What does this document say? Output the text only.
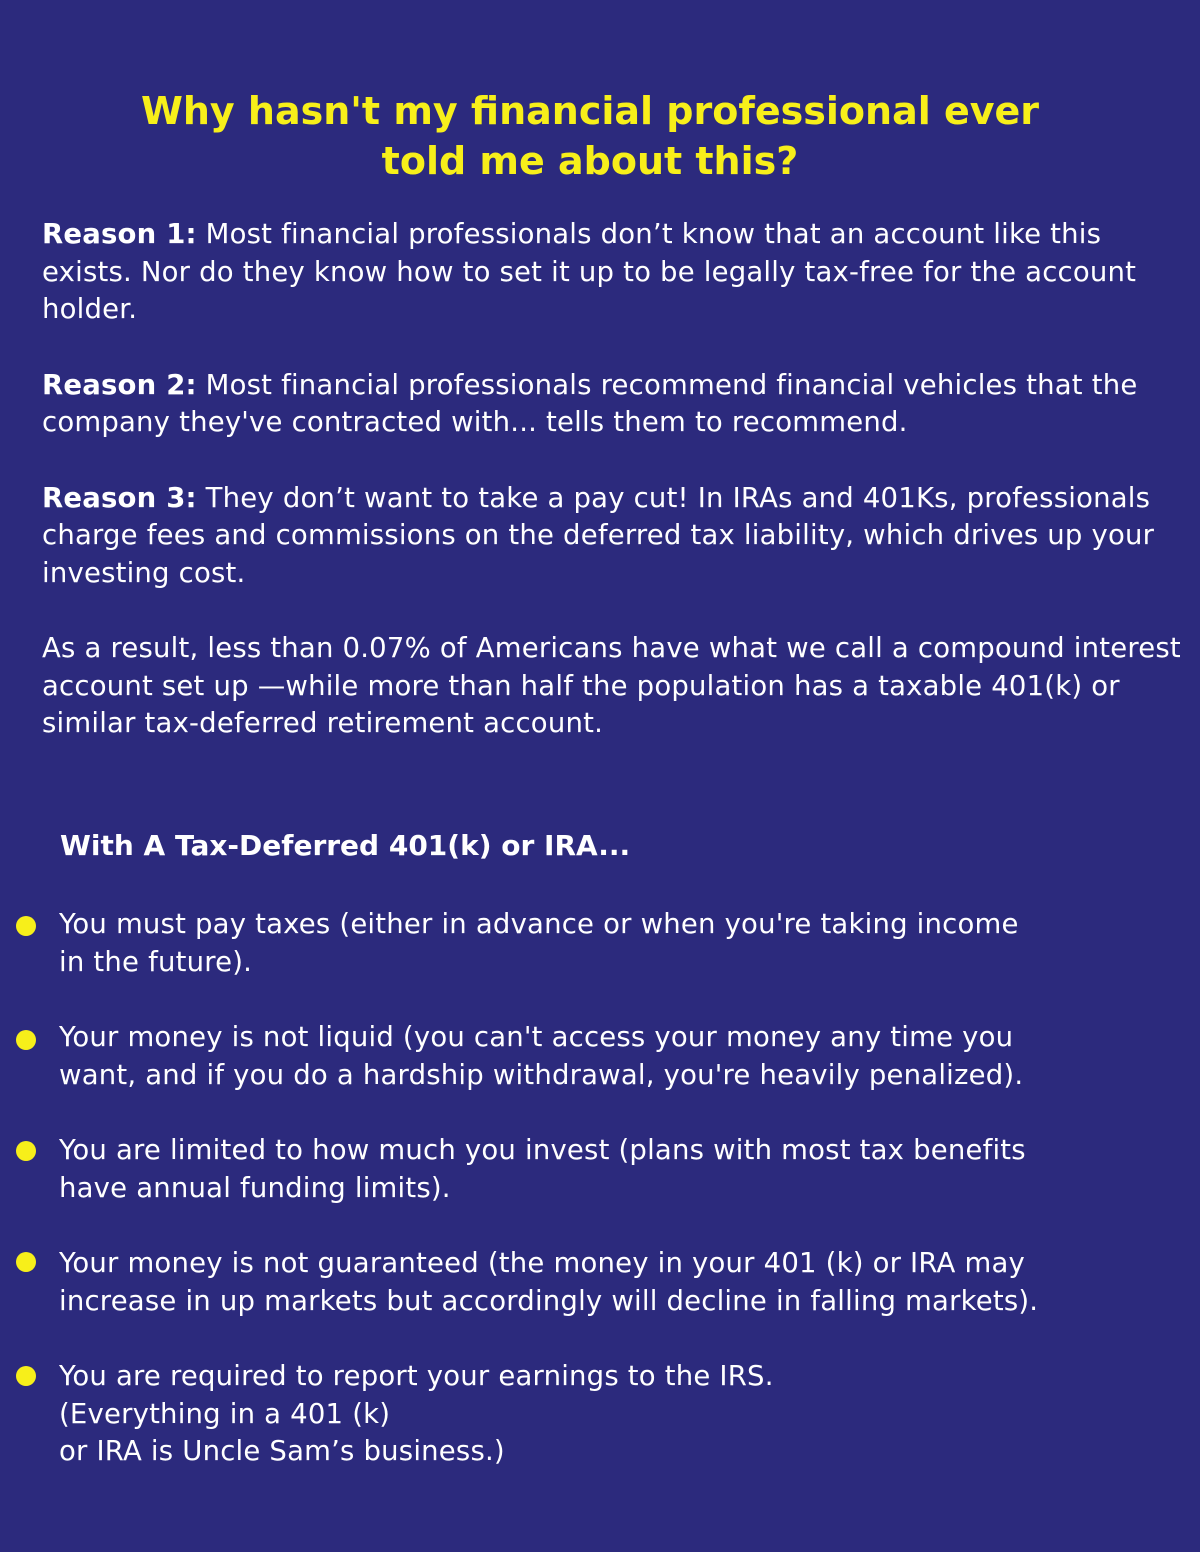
Why hasn't my financial professional ever
told me about this?

Reason 1: Most financial professionals don’t know that an account like this exists. Nor do they know how to set it up to be legally tax-free for the account holder.

Reason 2: Most financial professionals recommend financial vehicles that the company they've contracted with... tells them to recommend.

Reason 3: They don’t want to take a pay cut! In IRAs and 401Ks, professionals charge fees and commissions on the deferred tax liability, which drives up your investing cost.

As a result, less than 0.07% of Americans have what we call a compound interest account set up —while more than half the population has a taxable 401(k) or similar tax-deferred retirement account.

With A Tax-Deferred 401(k) or IRA...
You must pay taxes (either in advance or when you're taking income
in the future).
Your money is not liquid (you can't access your money any time you
want, and if you do a hardship withdrawal, you're heavily penalized).
You are limited to how much you invest (plans with most tax benefits
have annual funding limits).
Your money is not guaranteed (the money in your 401 (k) or IRA may
increase in up markets but accordingly will decline in falling markets).
You are required to report your earnings to the IRS.
(Everything in a 401 (k)
or IRA is Uncle Sam’s business.)
